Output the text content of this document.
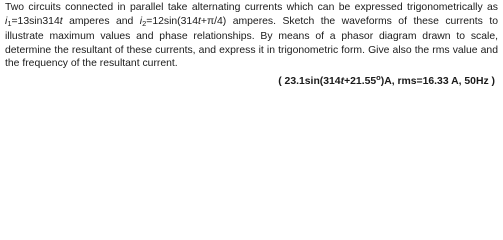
Two circuits connected in parallel take alternating currents which can be expressed trigonometrically as $i_1=13\sin 314t$ amperes and $i_2=12\sin(314t+\pi/4)$ amperes. Sketch the waveforms of these currents to illustrate maximum values and phase relationships. By means of a phasor diagram drawn to scale, determine the resultant of these currents, and express it in trigonometric form. Give also the rms value and the frequency of the resultant current.
( $23.1\sin(314t+21.55^o)A$, rms=16.33 A, 50Hz )
